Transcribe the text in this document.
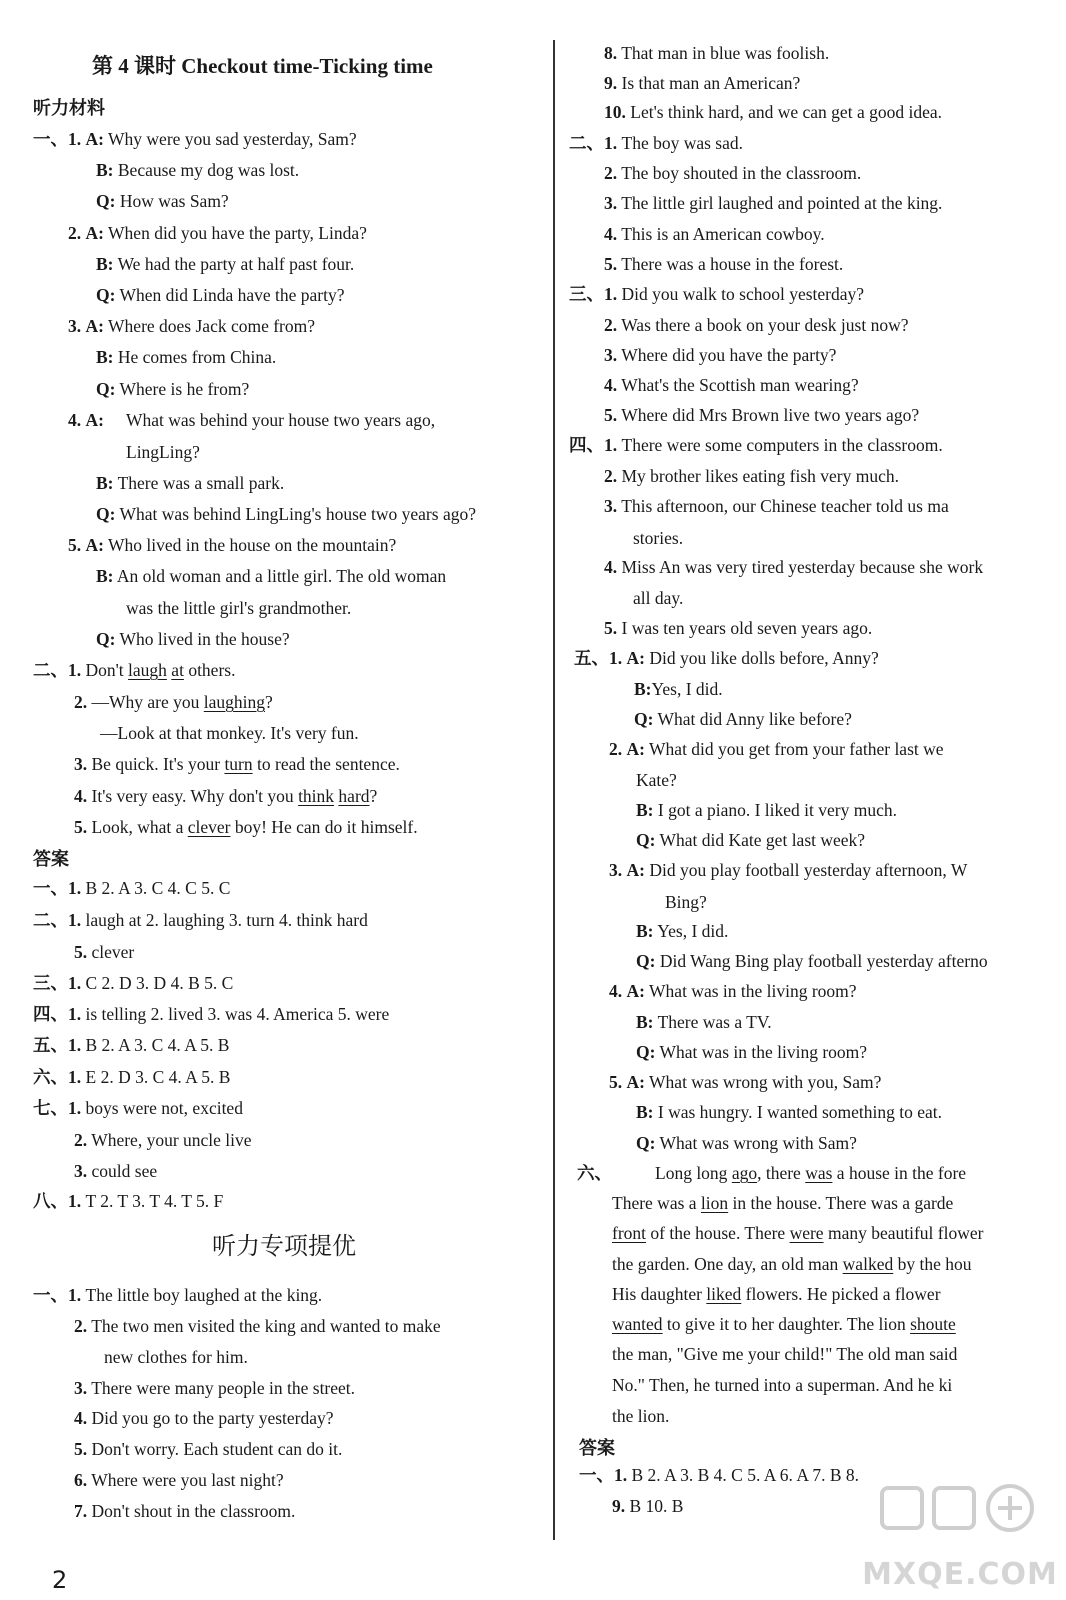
第 4 课时 Checkout time-Ticking time
听力材料
一、1. A: Why were you sad yesterday, Sam?
B: Because my dog was lost.
Q: How was Sam?
2. A: When did you have the party, Linda?
B: We had the party at half past four.
Q: When did Linda have the party?
3. A: Where does Jack come from?
B: He comes from China.
Q: Where is he from?
4. A: What was behind your house two years ago,
LingLing?
B: There was a small park.
Q: What was behind LingLing's house two years ago?
5. A: Who lived in the house on the mountain?
B: An old woman and a little girl. The old woman
was the little girl's grandmother.
Q: Who lived in the house?
二、1. Don't laugh at others.
2. —Why are you laughing?
—Look at that monkey. It's very fun.
3. Be quick. It's your turn to read the sentence.
4. It's very easy. Why don't you think hard?
5. Look, what a clever boy! He can do it himself.
答案
一、1. B 2. A 3. C 4. C 5. C
二、1. laugh at 2. laughing 3. turn 4. think hard
5. clever
三、1. C 2. D 3. D 4. B 5. C
四、1. is telling 2. lived 3. was 4. America 5. were
五、1. B 2. A 3. C 4. A 5. B
六、1. E 2. D 3. C 4. A 5. B
七、1. boys were not, excited
2. Where, your uncle live
3. could see
八、1. T 2. T 3. T 4. T 5. F
听力专项提优
一、1. The little boy laughed at the king.
2. The two men visited the king and wanted to make
new clothes for him.
3. There were many people in the street.
4. Did you go to the party yesterday?
5. Don't worry. Each student can do it.
6. Where were you last night?
7. Don't shout in the classroom.
8. That man in blue was foolish.
9. Is that man an American?
10. Let's think hard, and we can get a good idea.
二、1. The boy was sad.
2. The boy shouted in the classroom.
3. The little girl laughed and pointed at the king.
4. This is an American cowboy.
5. There was a house in the forest.
三、1. Did you walk to school yesterday?
2. Was there a book on your desk just now?
3. Where did you have the party?
4. What's the Scottish man wearing?
5. Where did Mrs Brown live two years ago?
四、1. There were some computers in the classroom.
2. My brother likes eating fish very much.
3. This afternoon, our Chinese teacher told us ma
stories.
4. Miss An was very tired yesterday because she work
all day.
5. I was ten years old seven years ago.
五、1. A: Did you like dolls before, Anny?
B:Yes, I did.
Q: What did Anny like before?
2. A: What did you get from your father last we
Kate?
B: I got a piano. I liked it very much.
Q: What did Kate get last week?
3. A: Did you play football yesterday afternoon, W
Bing?
B: Yes, I did.
Q: Did Wang Bing play football yesterday afterno
4. A: What was in the living room?
B: There was a TV.
Q: What was in the living room?
5. A: What was wrong with you, Sam?
B: I was hungry. I wanted something to eat.
Q: What was wrong with Sam?
六、 Long long ago, there was a house in the fore
There was a lion in the house. There was a garde
front of the house. There were many beautiful flower
the garden. One day, an old man walked by the hou
His daughter liked flowers. He picked a flower
wanted to give it to her daughter. The lion shoute
the man, "Give me your child!" The old man said
No." Then, he turned into a superman. And he ki
the lion.
答案
一、1. B 2. A 3. B 4. C 5. A 6. A 7. B 8.
9. B 10. B
2	MXQE.COM
